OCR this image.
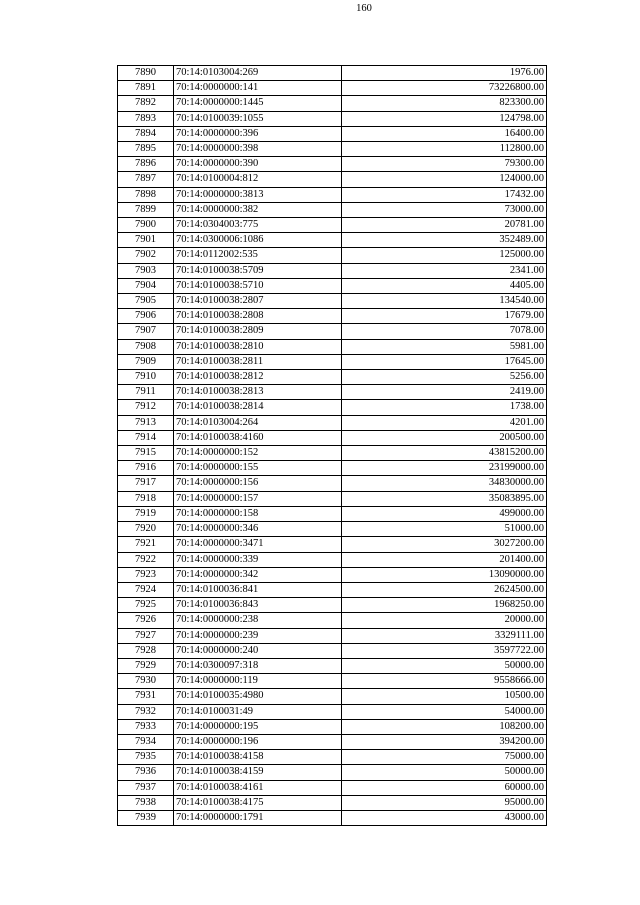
160
7890	70:14:0103004:269	1976.00
7891	70:14:0000000:141	73226800.00
7892	70:14:0000000:1445	823300.00
7893	70:14:0100039:1055	124798.00
7894	70:14:0000000:396	16400.00
7895	70:14:0000000:398	112800.00
7896	70:14:0000000:390	79300.00
7897	70:14:0100004:812	124000.00
7898	70:14:0000000:3813	17432.00
7899	70:14:0000000:382	73000.00
7900	70:14:0304003:775	20781.00
7901	70:14:0300006:1086	352489.00
7902	70:14:0112002:535	125000.00
7903	70:14:0100038:5709	2341.00
7904	70:14:0100038:5710	4405.00
7905	70:14:0100038:2807	134540.00
7906	70:14:0100038:2808	17679.00
7907	70:14:0100038:2809	7078.00
7908	70:14:0100038:2810	5981.00
7909	70:14:0100038:2811	17645.00
7910	70:14:0100038:2812	5256.00
7911	70:14:0100038:2813	2419.00
7912	70:14:0100038:2814	1738.00
7913	70:14:0103004:264	4201.00
7914	70:14:0100038:4160	200500.00
7915	70:14:0000000:152	43815200.00
7916	70:14:0000000:155	23199000.00
7917	70:14:0000000:156	34830000.00
7918	70:14:0000000:157	35083895.00
7919	70:14:0000000:158	499000.00
7920	70:14:0000000:346	51000.00
7921	70:14:0000000:3471	3027200.00
7922	70:14:0000000:339	201400.00
7923	70:14:0000000:342	13090000.00
7924	70:14:0100036:841	2624500.00
7925	70:14:0100036:843	1968250.00
7926	70:14:0000000:238	20000.00
7927	70:14:0000000:239	3329111.00
7928	70:14:0000000:240	3597722.00
7929	70:14:0300097:318	50000.00
7930	70:14:0000000:119	9558666.00
7931	70:14:0100035:4980	10500.00
7932	70:14:0100031:49	54000.00
7933	70:14:0000000:195	108200.00
7934	70:14:0000000:196	394200.00
7935	70:14:0100038:4158	75000.00
7936	70:14:0100038:4159	50000.00
7937	70:14:0100038:4161	60000.00
7938	70:14:0100038:4175	95000.00
7939	70:14:0000000:1791	43000.00
